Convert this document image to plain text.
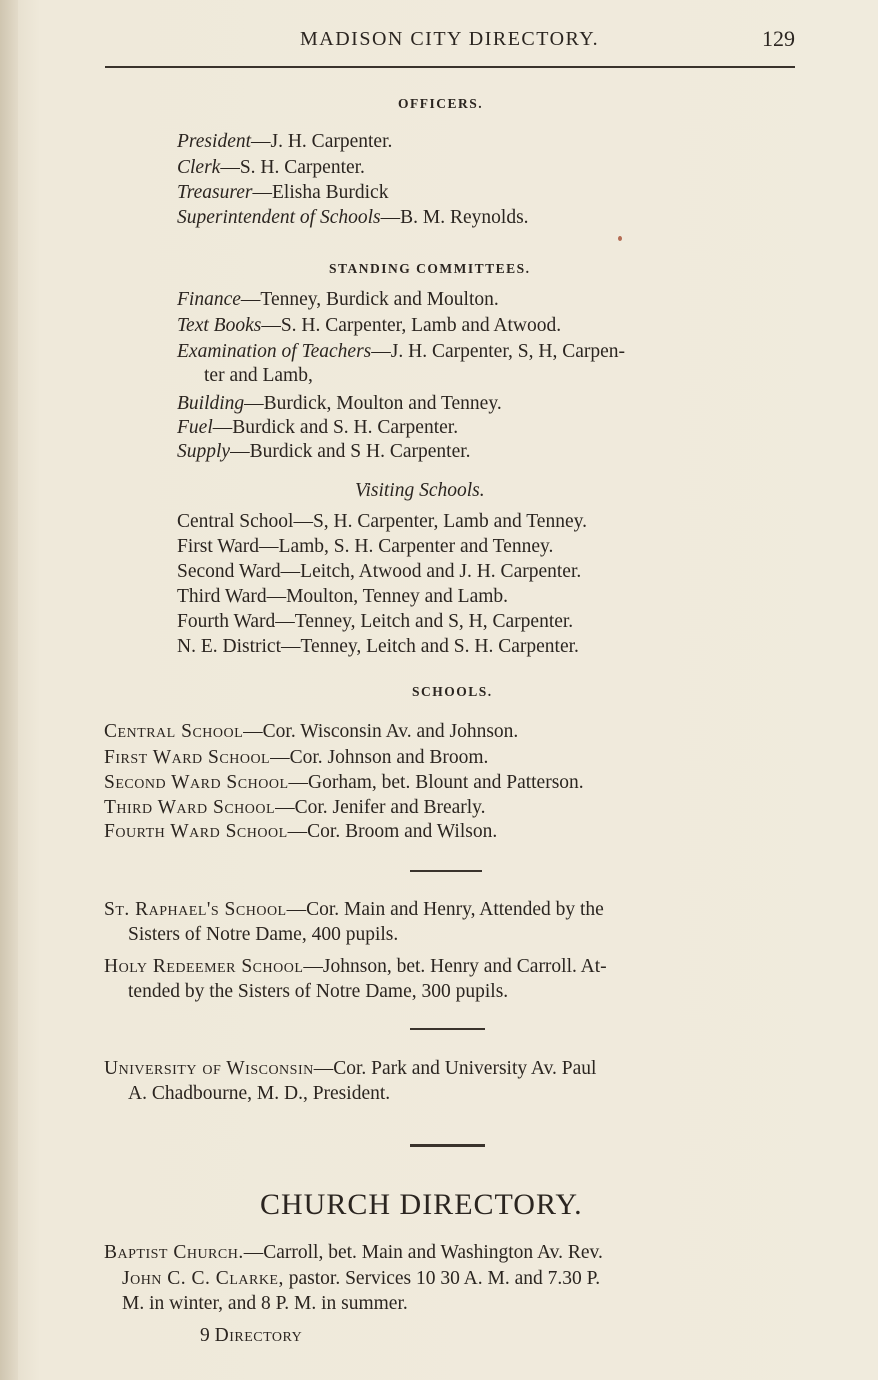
MADISON CITY DIRECTORY.	129
OFFICERS.
President—J. H. Carpenter.
Clerk—S. H. Carpenter.
Treasurer—Elisha Burdick
Superintendent of Schools—B. M. Reynolds.
STANDING COMMITTEES.
Finance—Tenney, Burdick and Moulton.
Text Books—S. H. Carpenter, Lamb and Atwood.
Examination of Teachers—J. H. Carpenter, S, H, Carpen-
ter and Lamb,
Building—Burdick, Moulton and Tenney.
Fuel—Burdick and S. H. Carpenter.
Supply—Burdick and S H. Carpenter.
Visiting Schools.
Central School—S, H. Carpenter, Lamb and Tenney.
First Ward—Lamb, S. H. Carpenter and Tenney.
Second Ward—Leitch, Atwood and J. H. Carpenter.
Third Ward—Moulton, Tenney and Lamb.
Fourth Ward—Tenney, Leitch and S, H, Carpenter.
N. E. District—Tenney, Leitch and S. H. Carpenter.
SCHOOLS.
Central School—Cor. Wisconsin Av. and Johnson.
First Ward School—Cor. Johnson and Broom.
Second Ward School—Gorham, bet. Blount and Patterson.
Third Ward School—Cor. Jenifer and Brearly.
Fourth Ward School—Cor. Broom and Wilson.
St. Raphael's School—Cor. Main and Henry, Attended by the
Sisters of Notre Dame, 400 pupils.
Holy Redeemer School—Johnson, bet. Henry and Carroll. At-
tended by the Sisters of Notre Dame, 300 pupils.
University of Wisconsin—Cor. Park and University Av. Paul
A. Chadbourne, M. D., President.
CHURCH DIRECTORY.
Baptist Church.—Carroll, bet. Main and Washington Av. Rev.
John C. C. Clarke, pastor. Services 10 30 A. M. and 7.30 P.
M. in winter, and 8 P. M. in summer.
9 Directory
